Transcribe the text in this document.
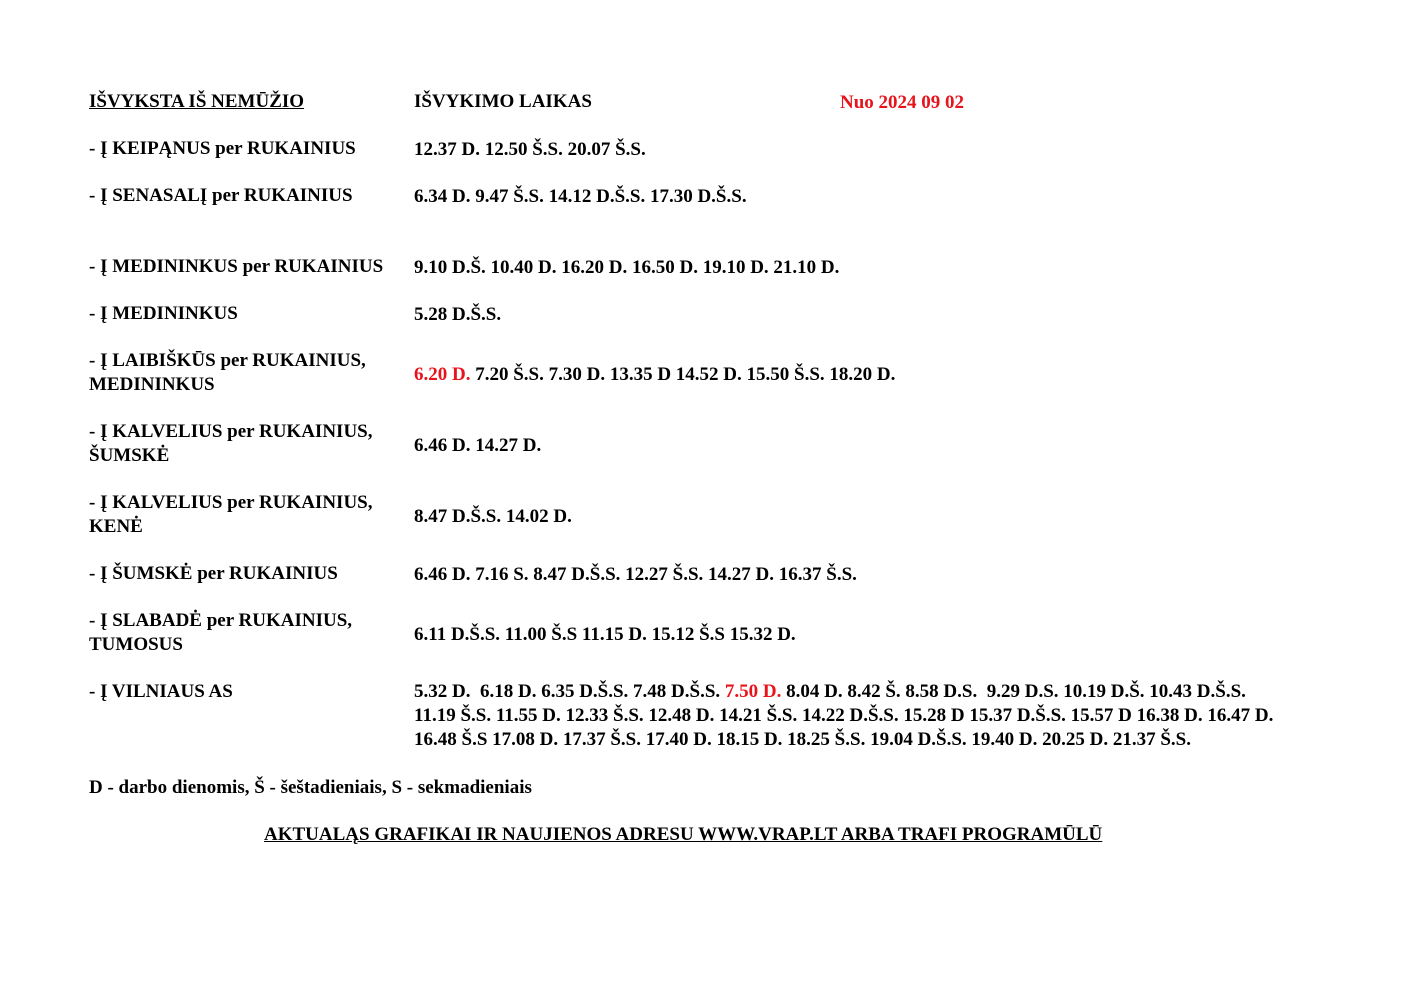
IŠVYKSTA IŠ NEMŪŽIO	IŠVYKIMO LAIKAS	Nuo 2024 09 02
- Į KEIPĄNUS per RUKAINIUS	12.37 D. 12.50 Š.S. 20.07 Š.S.
- Į SENASALĮ per RUKAINIUS	6.34 D. 9.47 Š.S. 14.12 D.Š.S. 17.30 D.Š.S.
- Į MEDININKUS per RUKAINIUS	9.10 D.Š. 10.40 D. 16.20 D. 16.50 D. 19.10 D. 21.10 D.
- Į MEDININKUS	5.28 D.Š.S.
- Į LAIBIŠKŪS per RUKAINIUS,
MEDININKUS	6.20 D. 7.20 Š.S. 7.30 D. 13.35 D 14.52 D. 15.50 Š.S. 18.20 D.
- Į KALVELIUS per RUKAINIUS,
ŠUMSKĖ	6.46 D. 14.27 D.
- Į KALVELIUS per RUKAINIUS,
KENĖ	8.47 D.Š.S. 14.02 D.
- Į ŠUMSKĖ per RUKAINIUS	6.46 D. 7.16 S. 8.47 D.Š.S. 12.27 Š.S. 14.27 D. 16.37 Š.S.
- Į SLABADĖ per RUKAINIUS,
TUMOSUS	6.11 D.Š.S. 11.00 Š.S 11.15 D. 15.12 Š.S 15.32 D.
- Į VILNIAUS AS	5.32 D.  6.18 D. 6.35 D.Š.S. 7.48 D.Š.S. 7.50 D. 8.04 D. 8.42 Š. 8.58 D.S.  9.29 D.S. 10.19 D.Š. 10.43 D.Š.S.
11.19 Š.S. 11.55 D. 12.33 Š.S. 12.48 D. 14.21 Š.S. 14.22 D.Š.S. 15.28 D 15.37 D.Š.S. 15.57 D 16.38 D. 16.47 D.
16.48 Š.S 17.08 D. 17.37 Š.S. 17.40 D. 18.15 D. 18.25 Š.S. 19.04 D.Š.S. 19.40 D. 20.25 D. 21.37 Š.S.
D - darbo dienomis, Š - šeštadieniais, S - sekmadieniais
AKTUALĄS GRAFIKAI IR NAUJIENOS ADRESU WWW.VRAP.LT ARBA TRAFI PROGRAMŪLŪ
